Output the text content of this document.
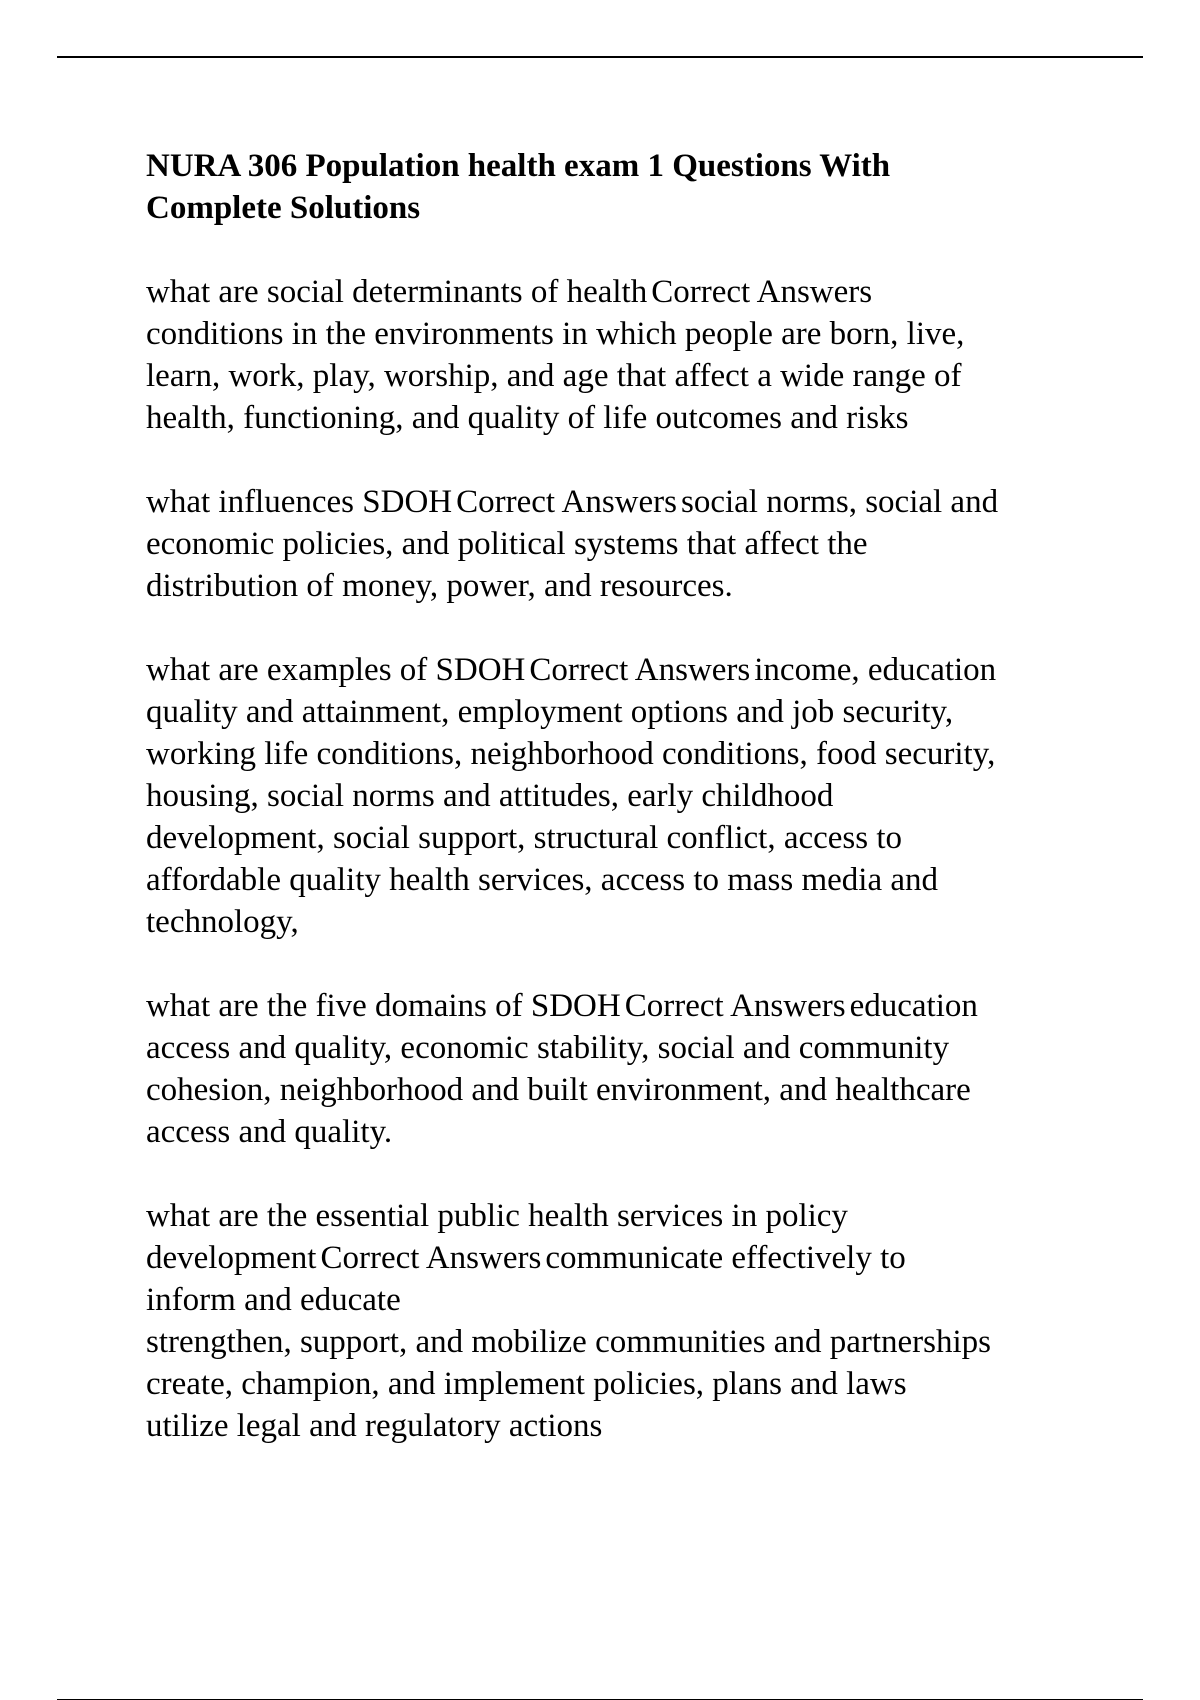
NURA 306 Population health exam 1 Questions With
Complete Solutions
what are social determinants of health Correct Answers
conditions in the environments in which people are born, live,
learn, work, play, worship, and age that affect a wide range of
health, functioning, and quality of life outcomes and risks
what influences SDOH Correct Answers social norms, social and
economic policies, and political systems that affect the
distribution of money, power, and resources.
what are examples of SDOH Correct Answers income, education
quality and attainment, employment options and job security,
working life conditions, neighborhood conditions, food security,
housing, social norms and attitudes, early childhood
development, social support, structural conflict, access to
affordable quality health services, access to mass media and
technology,
what are the five domains of SDOH Correct Answers education
access and quality, economic stability, social and community
cohesion, neighborhood and built environment, and healthcare
access and quality.
what are the essential public health services in policy
development Correct Answers communicate effectively to
inform and educate
strengthen, support, and mobilize communities and partnerships
create, champion, and implement policies, plans and laws
utilize legal and regulatory actions
